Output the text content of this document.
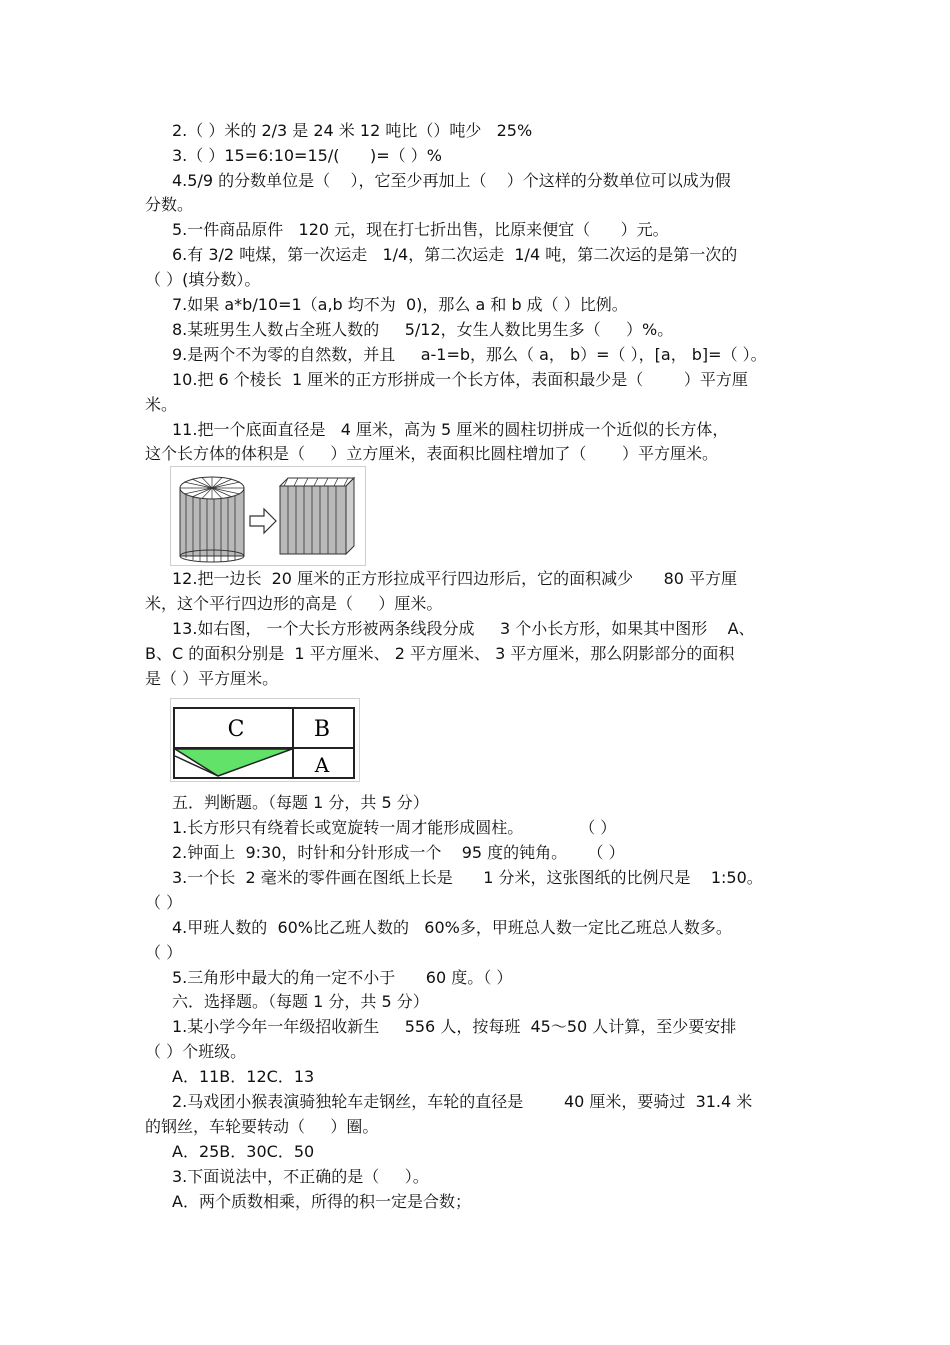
2.（ ）米的 2/3 是 24 米 12 吨比（）吨少   25%

3.（ ）15=6:10=15/(      )=（ ）%

4.5/9 的分数单位是（    ），它至少再加上（    ）个这样的分数单位可以成为假

分数。

5.一件商品原件   120 元，现在打七折出售，比原来便宜（      ）元。

6.有 3/2 吨煤，第一次运走   1/4，第二次运走  1/4 吨，第二次运的是第一次的

（ ）(填分数）。

7.如果 a*b/10=1（a,b 均不为  0)，那么 a 和 b 成（ ）比例。

8.某班男生人数占全班人数的     5/12，女生人数比男生多（     ）%。

9.是两个不为零的自然数，并且     a-1=b，那么（ a， b）=（ ），[a， b]=（ ）。

10.把 6 个棱长  1 厘米的正方形拼成一个长方体，表面积最少是（        ）平方厘

米。

11.把一个底面直径是   4 厘米，高为 5 厘米的圆柱切拼成一个近似的长方体，

这个长方体的体积是（     ）立方厘米，表面积比圆柱增加了（       ）平方厘米。

12.把一边长  20 厘米的正方形拉成平行四边形后，它的面积减少      80 平方厘

米，这个平行四边形的高是（     ）厘米。

13.如右图， 一个大长方形被两条线段分成     3 个小长方形，如果其中图形    A、

B、C 的面积分别是  1 平方厘米、 2 平方厘米、 3 平方厘米，那么阴影部分的面积

是（ ）平方厘米。

C	B
A

五．判断题。（每题 1 分，共 5 分）

1.长方形只有绕着长或宽旋转一周才能形成圆柱。           （ ）

2.钟面上  9:30，时针和分针形成一个    95 度的钝角。    （ ）

3.一个长  2 毫米的零件画在图纸上长是      1 分米，这张图纸的比例尺是    1:50。

（ ）

4.甲班人数的  60%比乙班人数的   60%多，甲班总人数一定比乙班总人数多。

（ ）

5.三角形中最大的角一定不小于      60 度。（ ）

六．选择题。（每题 1 分，共 5 分）

1.某小学今年一年级招收新生     556 人，按每班  45～50 人计算，至少要安排

（ ）个班级。

A．11B．12C．13

2.马戏团小猴表演骑独轮车走钢丝，车轮的直径是        40 厘米，要骑过  31.4 米

的钢丝，车轮要转动（     ）圈。

A．25B．30C．50

3.下面说法中，不正确的是（     ）。

A．两个质数相乘，所得的积一定是合数；
